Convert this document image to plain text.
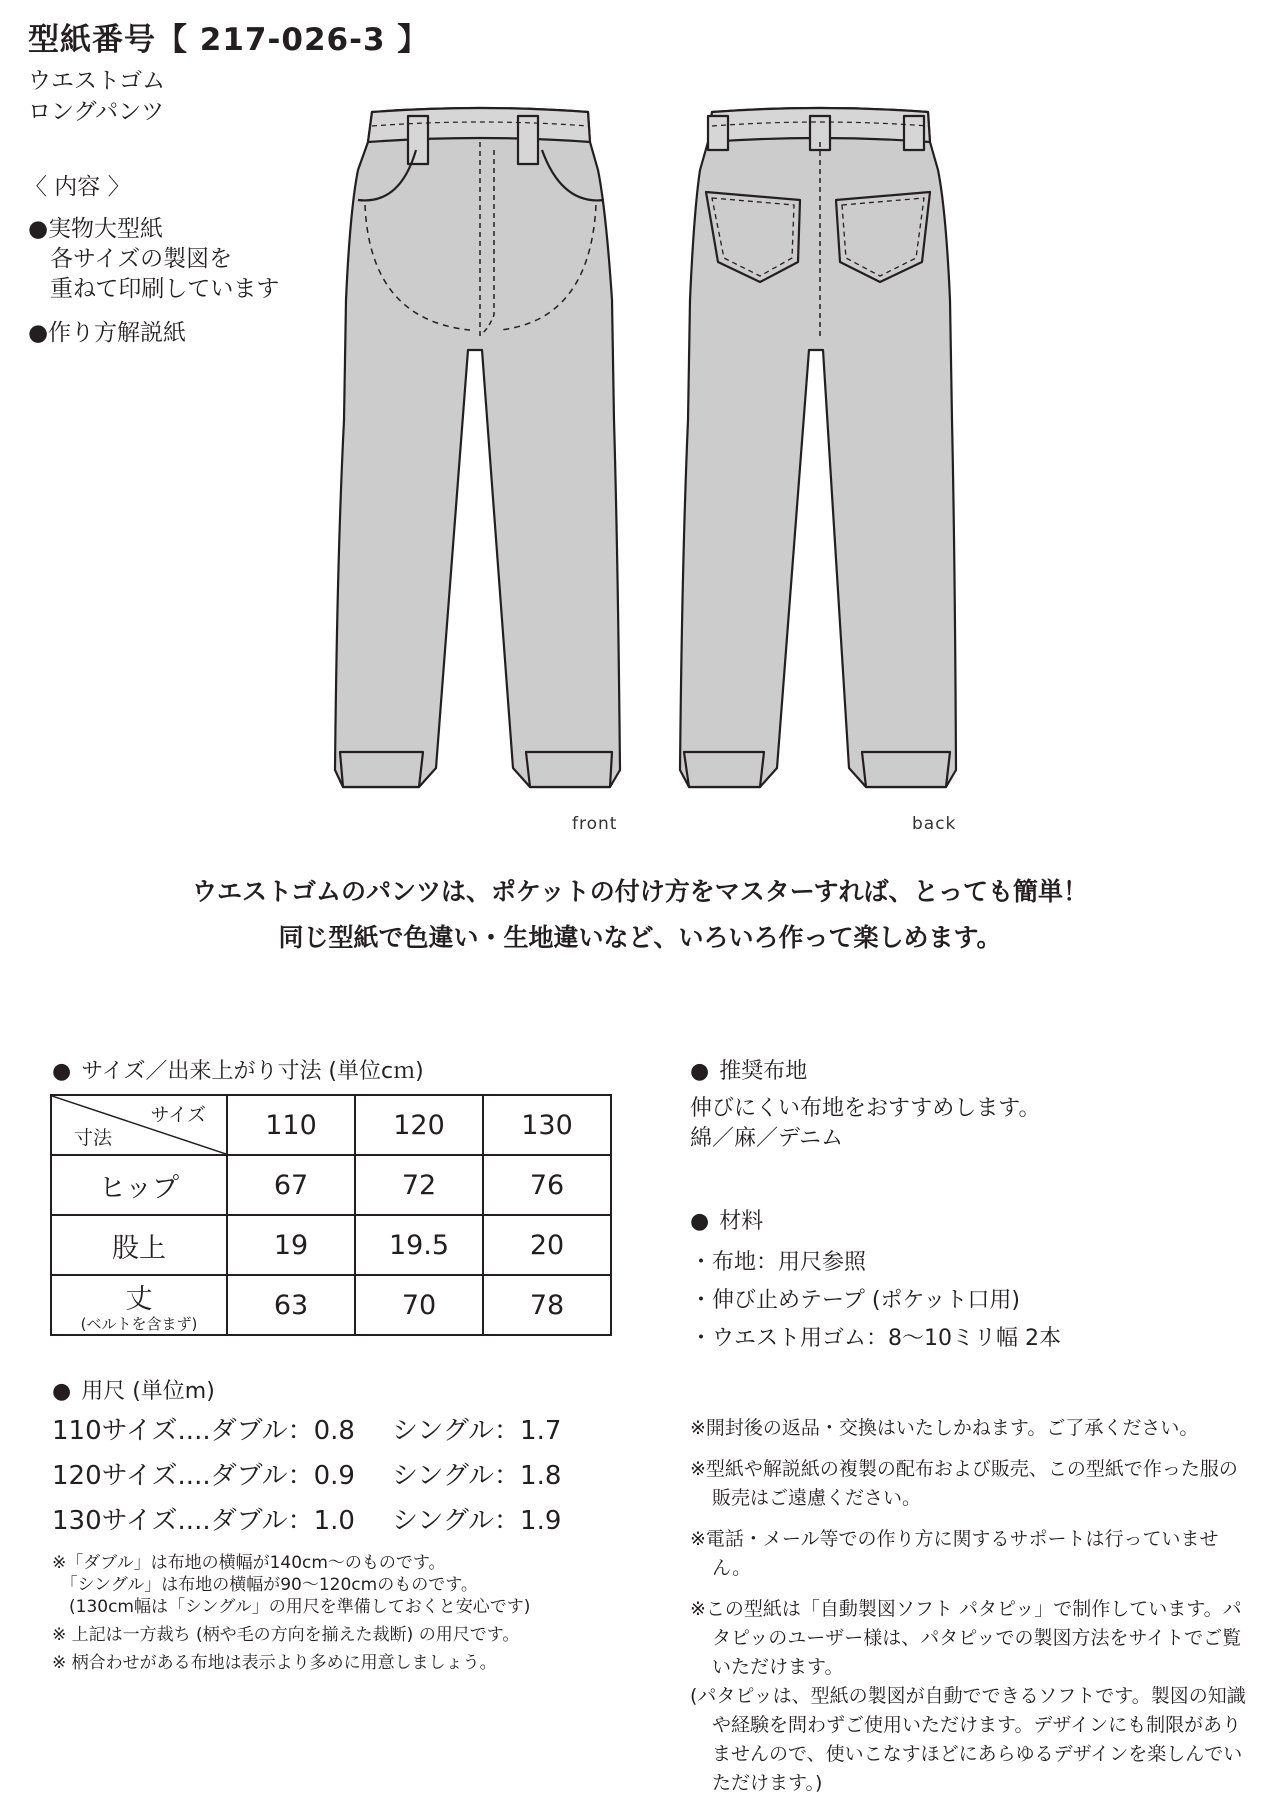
型紙番号【 217-026-3 】
ウエストゴム
ロングパンツ
〈 内容 〉
●実物大型紙
各サイズの製図を
重ねて印刷しています
●作り方解説紙
front	back
ウエストゴムのパンツは、ポケットの付け方をマスターすれば、とっても簡単！
同じ型紙で色違い・生地違いなど、いろいろ作って楽しめます。
● サイズ／出来上がり寸法 (単位cｍ)
サイズ
寸法	110	120	130
ヒップ	67	72	76
股上	19	19.5	20
丈
(ベルトを含まず)	63	70	78
● 用尺 (単位m)
110サイズ....ダブル：0.8 シングル：1.7
120サイズ....ダブル：0.9 シングル：1.8
130サイズ....ダブル：1.0 シングル：1.9
※「ダブル」は布地の横幅が140cm〜のものです。
　「シングル」は布地の横幅が90〜120cmのものです。
　(130cm幅は「シングル」の用尺を準備しておくと安心です)
※ 上記は一方裁ち (柄や毛の方向を揃えた裁断) の用尺です。
※ 柄合わせがある布地は表示より多めに用意しましょう。
● 推奨布地
伸びにくい布地をおすすめします。
綿／麻／デニム
● 材料
・布地：用尺参照
・伸び止めテープ (ポケット口用)
・ウエスト用ゴム：8〜10ミリ幅 2本
※開封後の返品・交換はいたしかねます。ご了承ください。
※型紙や解説紙の複製の配布および販売、この型紙で作った服の販売はご遠慮ください。
※電話・メール等での作り方に関するサポートは行っていません。
※この型紙は「自動製図ソフト パタピッ」で制作しています。パタピッのユーザー様は、パタピッでの製図方法をサイトでご覧いただけます。
(パタピッは、型紙の製図が自動でできるソフトです。製図の知識や経験を問わずご使用いただけます。デザインにも制限がありませんので、使いこなすほどにあらゆるデザインを楽しんでいただけます。)
